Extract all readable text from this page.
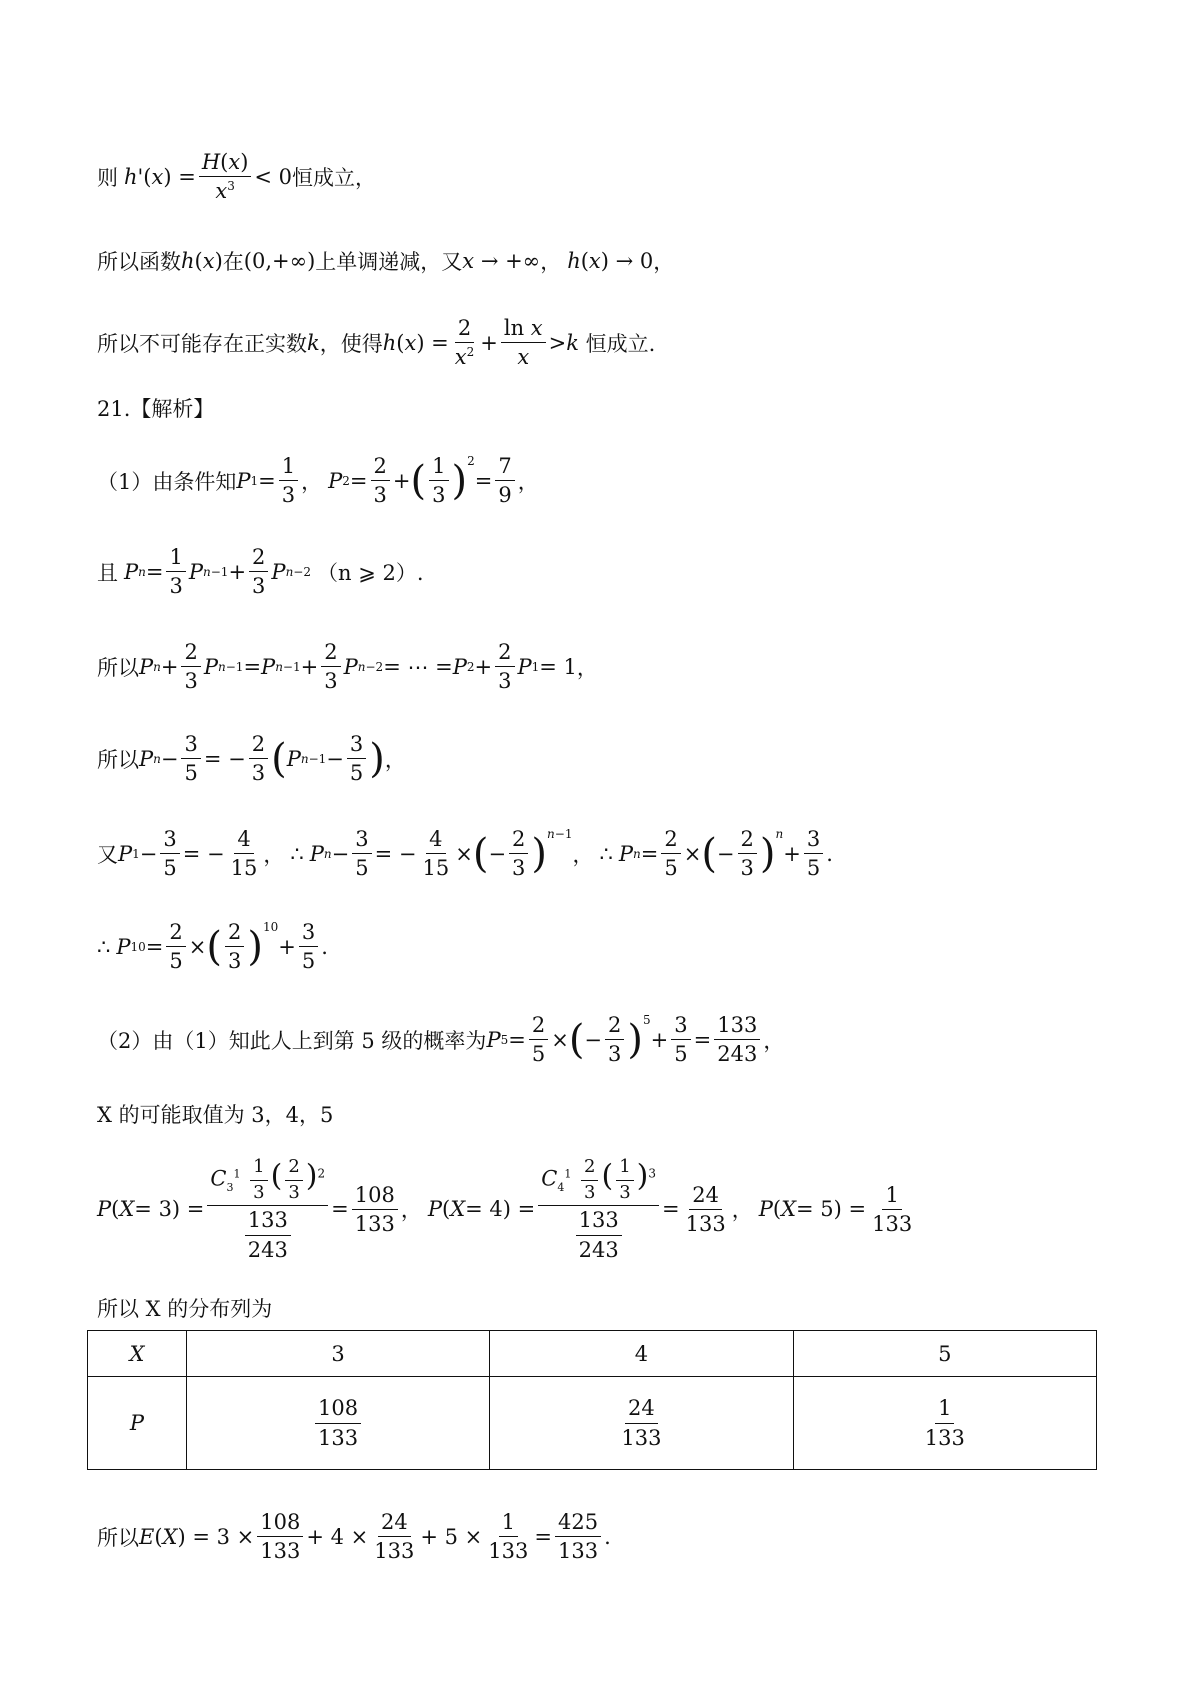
则 h '( x ) = $\frac{H(x)}{x^3} < 0$ 恒成立，
所以函数 h ( x ) 在 (0,+∞) 上单调递减，又 x → +∞ ， h ( x ) → 0 ，
所以不可能存在正实数 k ，使得 h ( x ) = $\frac{2}{x^2} + \frac{\text{ln x}}{x} > k$
恒成立.
21.【解析】
（1）由条件知 P $1 = \frac{1}{3}$ ， P $2 = \frac{2}{3}$ + ( $\frac{1}{3} )^2$
= $\frac{7}{9}$ ，
且 P $n = \frac{1}{3}$ P $n-1 + \frac{2}{3}$ P n−2 （n ⩾ 2）.
所以 P $n + \frac{2}{3}$ P n−1 = P $n-1 + \frac{2}{3}$ P n−2 = ⋯ = P $2 + \frac{2}{3}$ P 1 = 1 ，
所以 P $n - \frac{3}{5}$ = − $\frac{2}{3}$ ( P $n-1 - \frac{3}{5}$ ) ，
又 P $1 - \frac{3}{5}$ = − $\frac{4}{15}$ ， ∴ P $n - \frac{3}{5}$ = − $\frac{4}{15}$ × ( − $\frac{2}{3}$ ) $^{n-1}$
， ∴ P $n = \frac{2}{5}$ × ( − $\frac{2}{3} )^n$
+ $\frac{3}{5}$ .
∴ P $10 = \frac{2}{5}$ × ( $\frac{2}{3} )^{10}$
+ $\frac{3}{5}$ .
（2）由（1）知此人上到第 5 级的概率为 P $5 = \frac{2}{5}$ × ( − $\frac{2}{3} )^5$
+ $\frac{3}{5} = \frac{133}{243}$ ，
X 的可能取值为 3，4，5
P ( $X = 3) = \frac{C_3^1 \frac{1}{3} ( \frac{2}{3} )^2}{\frac{133}{243}} = \frac{108}{133}$ ， P ( $X = 4) = \frac{C_4^1 \frac{2}{3} ( \frac{1}{3} )^3}{\frac{133}{243}} = \frac{24}{133}$ ， P ( $X = 5) = \frac{1}{133}$
所以 X 的分布列为
X	3	4	5
P	$\frac{108}{133}$	$\frac{24}{133}$	$\frac{1}{133}$
所以 E ( X ) = $3 \times \frac{108}{133} + 4 \times \frac{24}{133} + 5 \times \frac{1}{133} = \frac{425}{133}$ .
